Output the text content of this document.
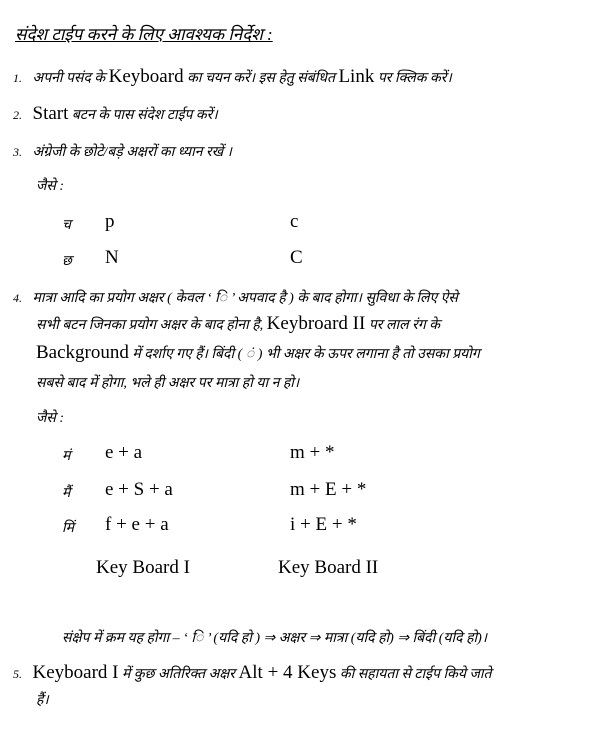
संदेश टाईप करने के लिए आवश्यक निर्देश :
1. अपनी पसंद के Keyboard का चयन करें। इस हेतु संबंधित Link पर क्लिक करें।
2. Start बटन के पास संदेश टाईप करें।
3. अंग्रेजी के छोटे/बड़े अक्षरों का ध्यान रखें ।
जैसे :
च p	c
छ N	C
4. मात्रा आदि का प्रयोग अक्षर ( केवल ‘ ि ’ अपवाद है ) के बाद होगा। सुविधा के लिए ऐसे
सभी बटन जिनका प्रयोग अक्षर के बाद होना है, Keybroard II पर लाल रंग के
Background में दर्शाए गए हैं। बिंदी ( ं ) भी अक्षर के ऊपर लगाना है तो उसका प्रयोग
सबसे बाद में होगा, भले ही अक्षर पर मात्रा हो या न हो।
जैसे :
मं e + a	m + *
मैं e + S + a	m + E + *
मिं f + e + a	i + E + *
Key Board I	Key Board II
संक्षेप में क्रम यह होगा – ‘ ि ’ (यदि हो ) ⇒ अक्षर ⇒ मात्रा (यदि हो) ⇒ बिंदी (यदि हो)।
5. Keyboard I में कुछ अतिरिक्त अक्षर Alt + 4 Keys की सहायता से टाईप किये जाते
हैं।
